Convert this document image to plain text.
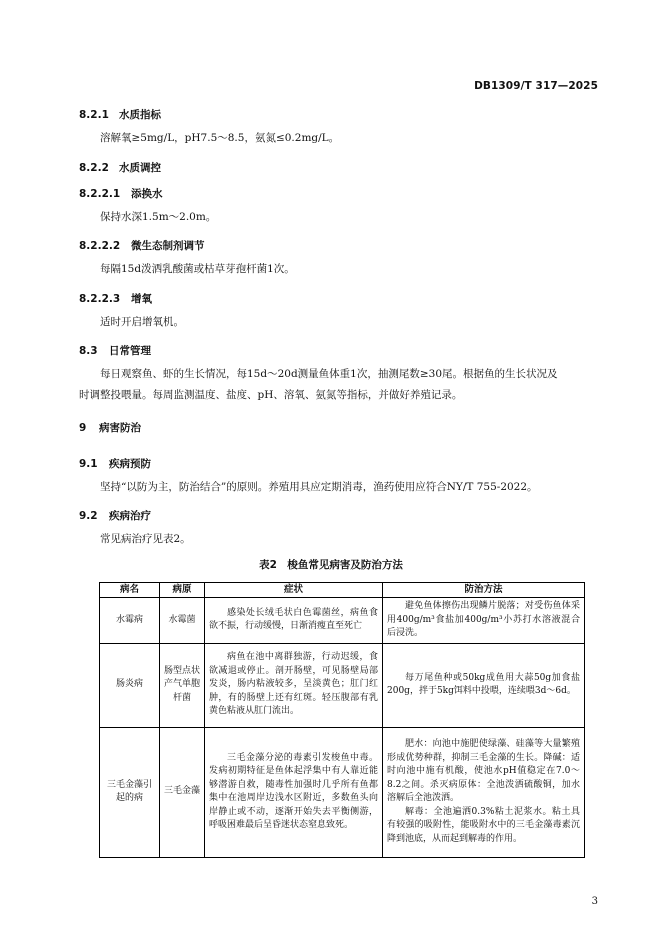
DB1309/T 317—2025
8.2.1 水质指标
溶解氧≥5mg/L，pH7.5～8.5，氨氮≤0.2mg/L。
8.2.2 水质调控
8.2.2.1 添换水
保持水深1.5m～2.0m。
8.2.2.2 微生态制剂调节
每隔15d泼洒乳酸菌或枯草芽孢杆菌1次。
8.2.2.3 增氧
适时开启增氧机。
8.3 日常管理
每日观察鱼、虾的生长情况，每15d～20d测量鱼体重1次，抽测尾数≥30尾。根据鱼的生长状况及
时调整投喂量。每周监测温度、盐度、pH、溶氧、氨氮等指标，并做好养殖记录。
9 病害防治
9.1 疾病预防
坚持“以防为主，防治结合”的原则。养殖用具应定期消毒，渔药使用应符合NY/T 755-2022。
9.2 疾病治疗
常见病治疗见表2。
表2　梭鱼常见病害及防治方法
病名	病原	症状	防治方法
水霉病	水霉菌	感染处长绒毛状白色霉菌丝，病鱼食欲不振，行动缓慢，日渐消瘦直至死亡	避免鱼体擦伤出现鳞片脱落；对受伤鱼体采用400g/m³食盐加400g/m³小苏打水溶液混合后浸洗。
肠炎病	肠型点状产气单胞杆菌	病鱼在池中离群独游，行动迟缓，食欲减退或停止。剖开肠壁，可见肠壁局部发炎，肠内粘液较多，呈淡黄色；肛门红肿，有的肠壁上还有红斑。轻压腹部有乳黄色粘液从肛门流出。	每万尾鱼种或50kg成鱼用大蒜50g加食盐200g，拌于5kg饵料中投喂，连续喂3d～6d。
三毛金藻引起的病	三毛金藻	三毛金藻分泌的毒素引发梭鱼中毒。发病初期特征是鱼体起浮集中有人靠近能够潜游自救，随毒性加强时几乎所有鱼都集中在池周岸边浅水区附近，多数鱼头向岸静止或不动，逐渐开始失去平衡侧游，呼吸困难最后呈昏迷状态窒息致死。	肥水：向池中施肥使绿藻、硅藻等大量繁殖形成优势种群，抑制三毛金藻的生长。降碱：适时向池中施有机酸，使池水pH值稳定在7.0～8.2之间。杀灭病原体：全池泼洒硫酸铜，加水溶解后全池泼洒。

解毒：全池遍洒0.3%粘土泥浆水。粘土具有较强的吸附性，能吸附水中的三毛金藻毒素沉降到池底，从而起到解毒的作用。

3
